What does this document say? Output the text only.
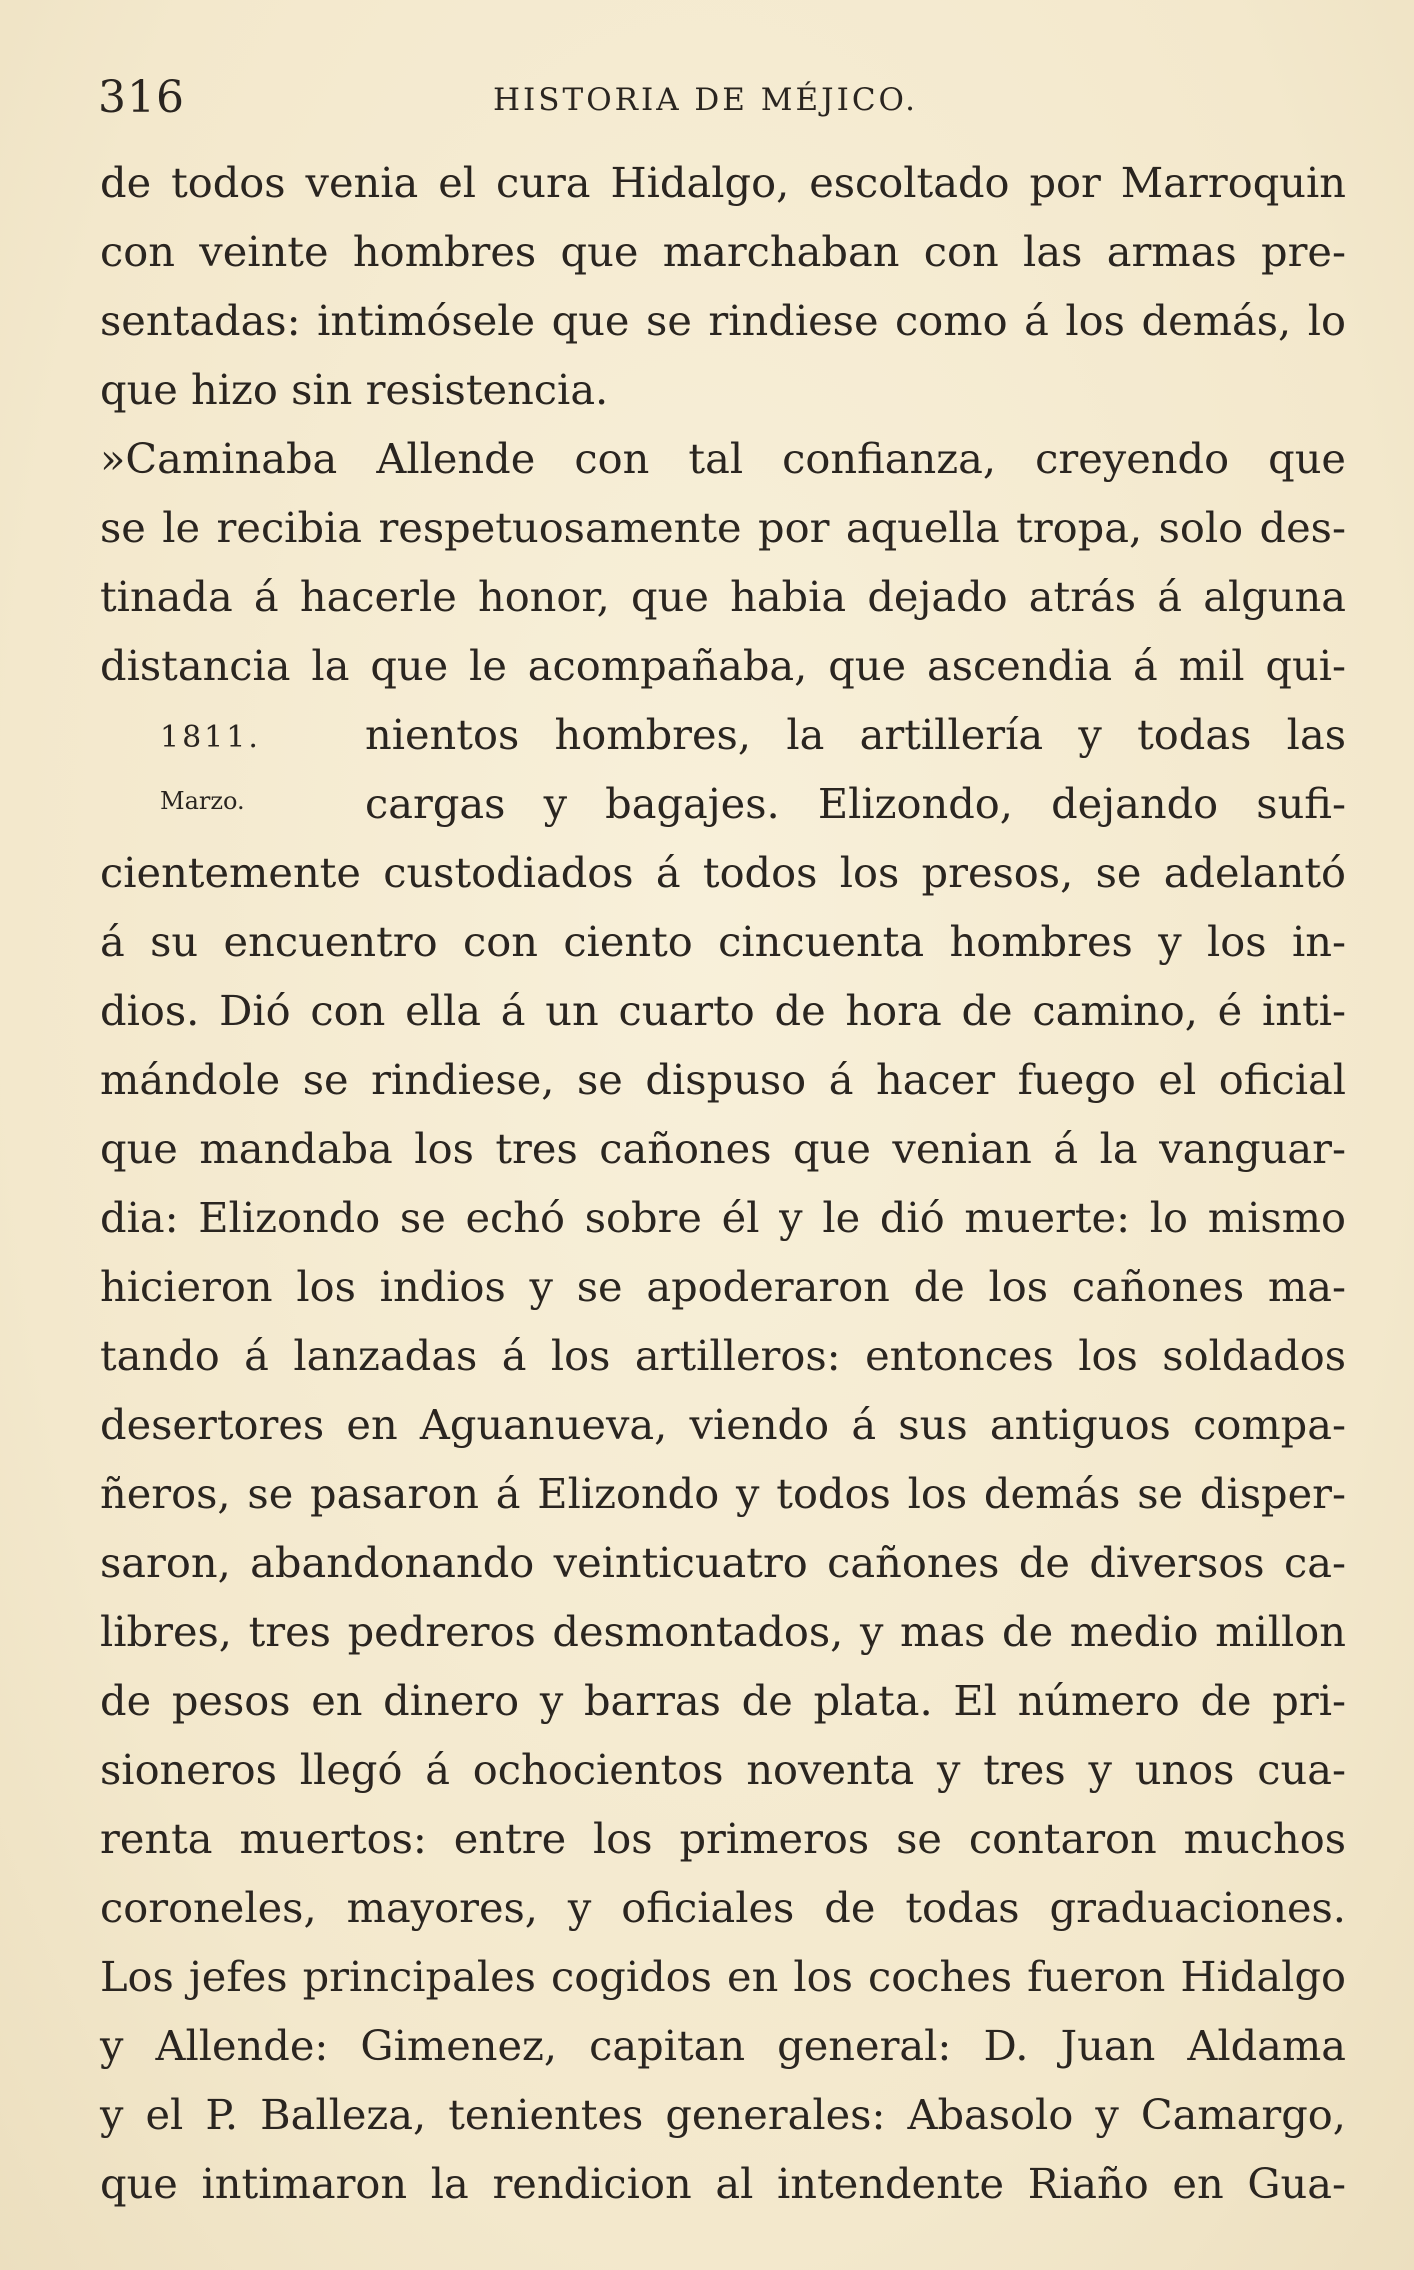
316	HISTORIA DE MÉJICO.
1811.
Marzo.
de todos venia el cura Hidalgo, escoltado por Marroquin
con veinte hombres que marchaban con las armas pre-
sentadas: intimósele que se rindiese como á los demás, lo
que hizo sin resistencia.
»Caminaba Allende con tal confianza, creyendo que
se le recibia respetuosamente por aquella tropa, solo des-
tinada á hacerle honor, que habia dejado atrás á alguna
distancia la que le acompañaba, que ascendia á mil qui-
nientos hombres, la artillería y todas las
cargas y bagajes. Elizondo, dejando sufi-
cientemente custodiados á todos los presos, se adelantó
á su encuentro con ciento cincuenta hombres y los in-
dios. Dió con ella á un cuarto de hora de camino, é inti-
mándole se rindiese, se dispuso á hacer fuego el oficial
que mandaba los tres cañones que venian á la vanguar-
dia: Elizondo se echó sobre él y le dió muerte: lo mismo
hicieron los indios y se apoderaron de los cañones ma-
tando á lanzadas á los artilleros: entonces los soldados
desertores en Aguanueva, viendo á sus antiguos compa-
ñeros, se pasaron á Elizondo y todos los demás se disper-
saron, abandonando veinticuatro cañones de diversos ca-
libres, tres pedreros desmontados, y mas de medio millon
de pesos en dinero y barras de plata. El número de pri-
sioneros llegó á ochocientos noventa y tres y unos cua-
renta muertos: entre los primeros se contaron muchos
coroneles, mayores, y oficiales de todas graduaciones.
Los jefes principales cogidos en los coches fueron Hidalgo
y Allende: Gimenez, capitan general: D. Juan Aldama
y el P. Balleza, tenientes generales: Abasolo y Camargo,
que intimaron la rendicion al intendente Riaño en Gua-
